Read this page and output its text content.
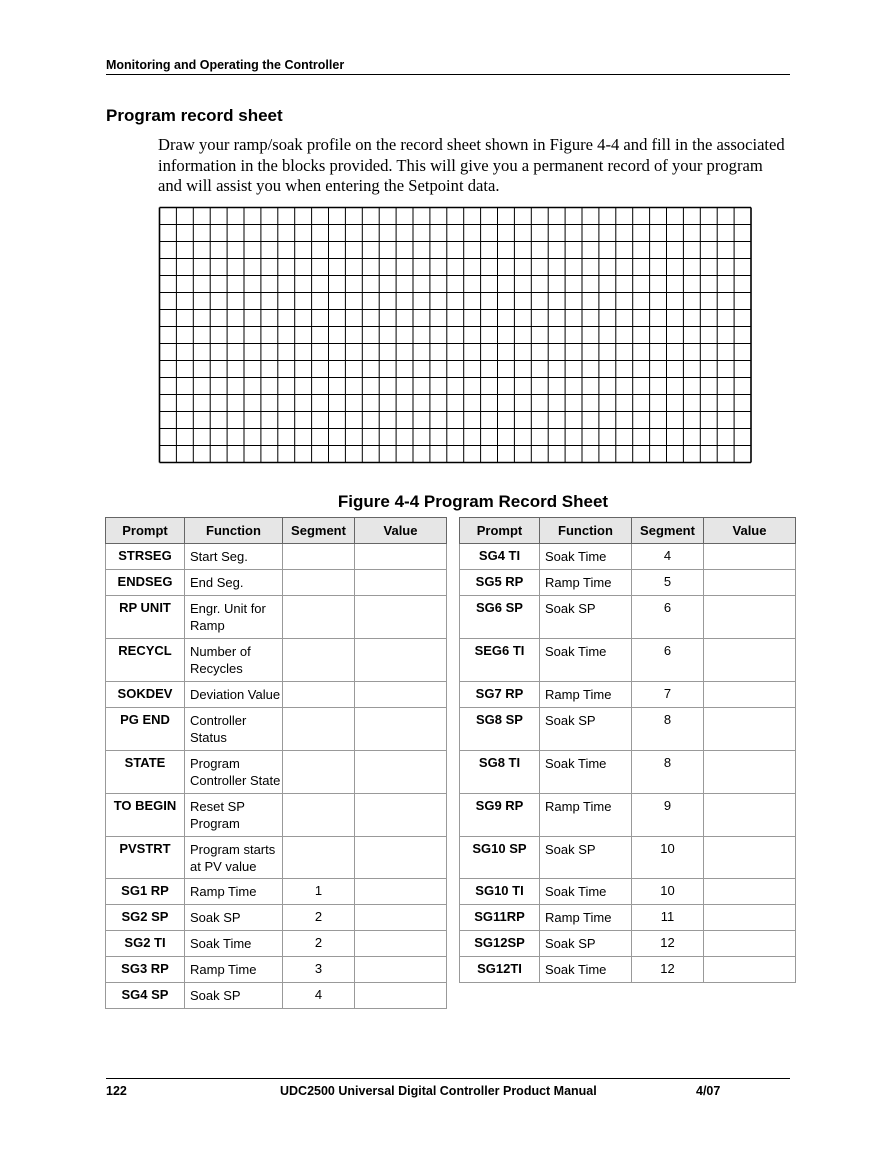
Monitoring and Operating the Controller
Program record sheet
Draw your ramp/soak profile on the record sheet shown in Figure 4-4 and fill in the associated information in the blocks provided. This will give you a permanent record of your program and will assist you when entering the Setpoint data.
Figure 4-4 Program Record Sheet
Prompt	Function	Segment	Value
STRSEG	Start Seg.		
ENDSEG	End Seg.		
RP UNIT	Engr. Unit for Ramp		
RECYCL	Number of Recycles		
SOKDEV	Deviation Value		
PG END	Controller Status		
STATE	Program Controller State		
TO BEGIN	Reset SP Program		
PVSTRT	Program starts at PV value		
SG1 RP	Ramp Time	1	
SG2 SP	Soak SP	2	
SG2 TI	Soak Time	2	
SG3 RP	Ramp Time	3	
SG4 SP	Soak SP	4	
Prompt	Function	Segment	Value
SG4 TI	Soak Time	4	
SG5 RP	Ramp Time	5	
SG6 SP	Soak SP	6	
SEG6 TI	Soak Time	6	
SG7 RP	Ramp Time	7	
SG8 SP	Soak SP	8	
SG8 TI	Soak Time	8	
SG9 RP	Ramp Time	9	
SG10 SP	Soak SP	10	
SG10 TI	Soak Time	10	
SG11RP	Ramp Time	11	
SG12SP	Soak SP	12	
SG12TI	Soak Time	12	
122	UDC2500 Universal Digital Controller Product Manual	4/07
